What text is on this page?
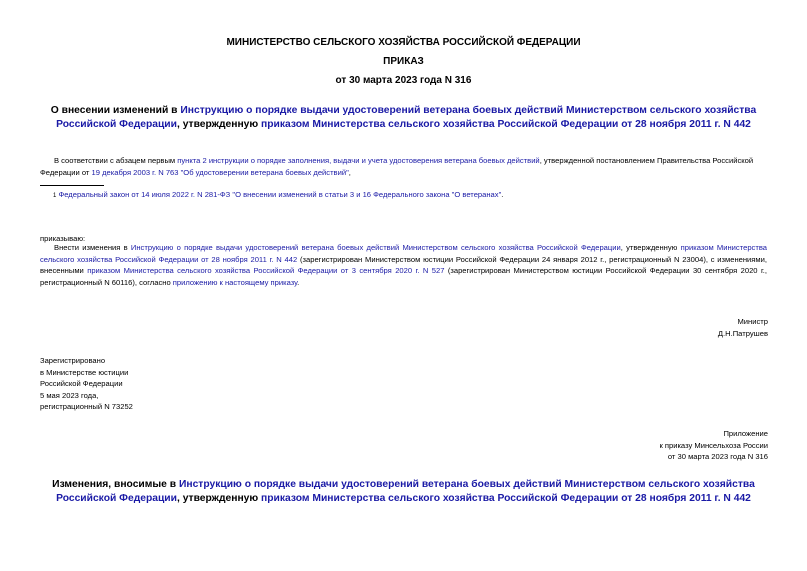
МИНИСТЕРСТВО СЕЛЬСКОГО ХОЗЯЙСТВА РОССИЙСКОЙ ФЕДЕРАЦИИ
ПРИКАЗ
от 30 марта 2023 года N 316
О внесении изменений в Инструкцию о порядке выдачи удостоверений ветерана боевых действий Министерством сельского хозяйства Российской Федерации, утвержденную приказом Министерства сельского хозяйства Российской Федерации от 28 ноября 2011 г. N 442
В соответствии с абзацем первым пункта 2 инструкции о порядке заполнения, выдачи и учета удостоверения ветерана боевых действий, утвержденной постановлением Правительства Российской Федерации от 19 декабря 2003 г. N 763 "Об удостоверении ветерана боевых действий",
1 Федеральный закон от 14 июля 2022 г. N 281-ФЗ "О внесении изменений в статьи 3 и 16 Федерального закона "О ветеранах".
приказываю:
Внести изменения в Инструкцию о порядке выдачи удостоверений ветерана боевых действий Министерством сельского хозяйства Российской Федерации, утвержденную приказом Министерства сельского хозяйства Российской Федерации от 28 ноября 2011 г. N 442 (зарегистрирован Министерством юстиции Российской Федерации 24 января 2012 г., регистрационный N 23004), с изменениями, внесенными приказом Министерства сельского хозяйства Российской Федерации от 3 сентября 2020 г. N 527 (зарегистрирован Министерством юстиции Российской Федерации 30 сентября 2020 г., регистрационный N 60116), согласно приложению к настоящему приказу.
Министр
Д.Н.Патрушев
Зарегистрировано
в Министерстве юстиции
Российской Федерации
5 мая 2023 года,
регистрационный N 73252
Приложение
к приказу Минсельхоза России
от 30 марта 2023 года N 316
Изменения, вносимые в Инструкцию о порядке выдачи удостоверений ветерана боевых действий Министерством сельского хозяйства Российской Федерации, утвержденную приказом Министерства сельского хозяйства Российской Федерации от 28 ноября 2011 г. N 442
